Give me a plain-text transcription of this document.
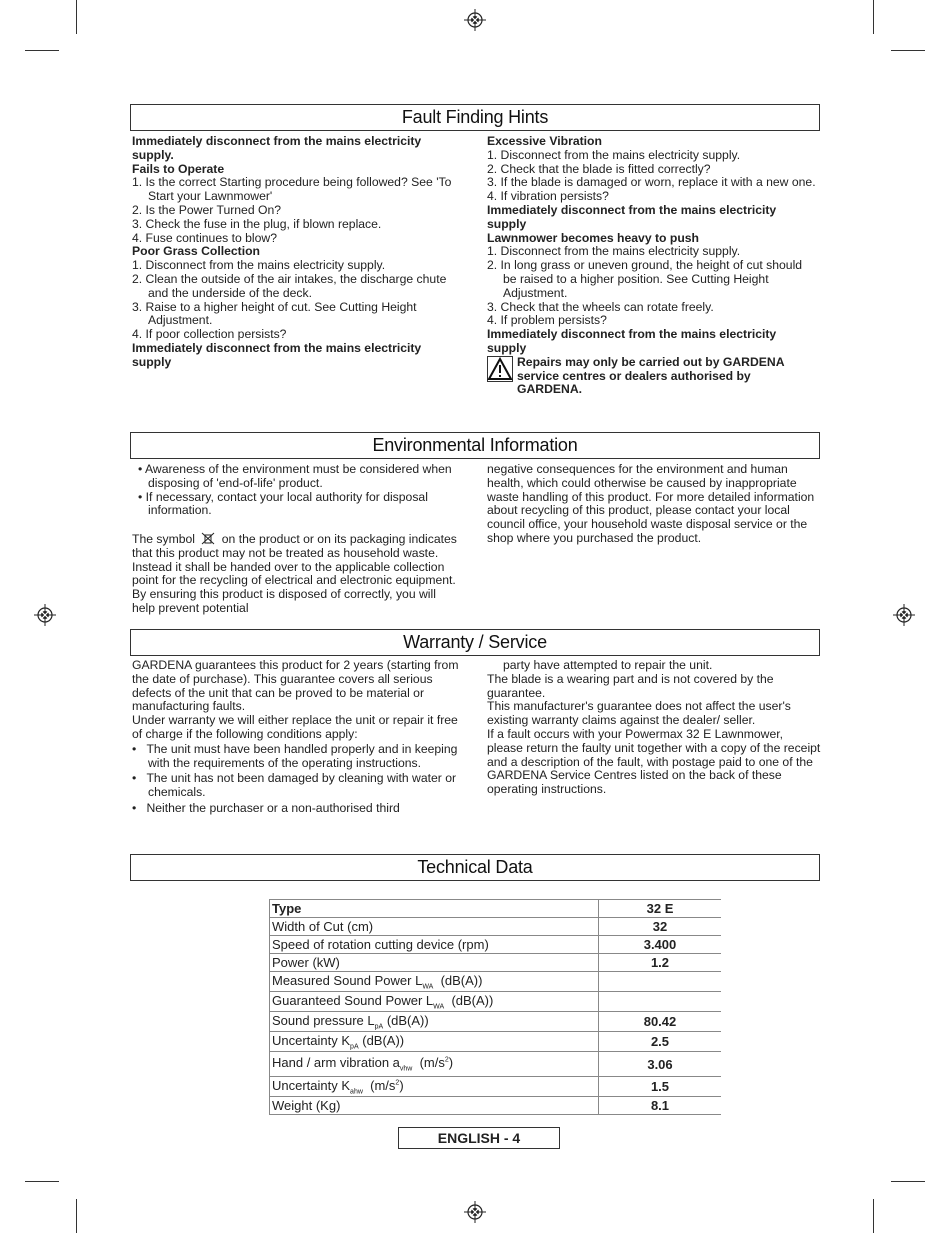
Fault Finding Hints
Immediately disconnect from the mains electricity supply.
Fails to Operate
1. Is the correct Starting procedure being followed? See 'To Start your Lawnmower'
2. Is the Power Turned On?
3. Check the fuse in the plug, if blown replace.
4. Fuse continues to blow?
Poor Grass Collection
1. Disconnect from the mains electricity supply.
2. Clean the outside of the air intakes, the discharge chute and the underside of the deck.
3. Raise to a higher height of cut. See Cutting Height Adjustment.
4. If poor collection persists?
Immediately disconnect from the mains electricity supply
Excessive Vibration
1. Disconnect from the mains electricity supply.
2. Check that the blade is fitted correctly?
3. If the blade is damaged or worn, replace it with a new one.
4. If vibration persists?
Immediately disconnect from the mains electricity supply
Lawnmower becomes heavy to push
1. Disconnect from the mains electricity supply.
2. In long grass or uneven ground, the height of cut should be raised to a higher position. See Cutting Height Adjustment.
3. Check that the wheels can rotate freely.
4. If problem persists?
Immediately disconnect from the mains electricity supply
Repairs may only be carried out by GARDENA service centres or dealers authorised by GARDENA.
Environmental Information
• Awareness of the environment must be considered when disposing of 'end-of-life' product.
• If necessary, contact your local authority for disposal information.
The symbol on the product or on its packaging indicates that this product may not be treated as household waste. Instead it shall be handed over to the applicable collection point for the recycling of electrical and electronic equipment. By ensuring this product is disposed of correctly, you will help prevent potential
negative consequences for the environment and human health, which could otherwise be caused by inappropriate waste handling of this product. For more detailed information about recycling of this product, please contact your local council office, your household waste disposal service or the shop where you purchased the product.
Warranty / Service
GARDENA guarantees this product for 2 years (starting from the date of purchase). This guarantee covers all serious defects of the unit that can be proved to be material or manufacturing faults.
Under warranty we will either replace the unit or repair it free of charge if the following conditions apply:
•   The unit must have been handled properly and in keeping with the requirements of the operating instructions.
•   The unit has not been damaged by cleaning with water or chemicals.
•   Neither the purchaser or a non-authorised third
party have attempted to repair the unit.
The blade is a wearing part and is not covered by the guarantee.
This manufacturer's guarantee does not affect the user's existing warranty claims against the dealer/ seller.
If a fault occurs with your Powermax 32 E Lawnmower, please return the faulty unit together with a copy of the receipt and a description of the fault, with postage paid to one of the GARDENA Service Centres listed on the back of these operating instructions.
Technical Data
Type	32 E
Width of Cut (cm)	32
Speed of rotation cutting device (rpm)	3.400
Power (kW)	1.2
Measured Sound Power $L_{WA}$ (dB(A))	
Guaranteed Sound Power $L_{WA}$ (dB(A))	
Sound pressure $L_{pA}$ (dB(A))	80.42
Uncertainty $K_{pA}$ (dB(A))	2.5
Hand / arm vibration $a_{vhw}$ $(m/s^2)$	3.06
Uncertainty $K_{ahw}$ $(m/s^2)$	1.5
Weight (Kg)	8.1
ENGLISH - 4
